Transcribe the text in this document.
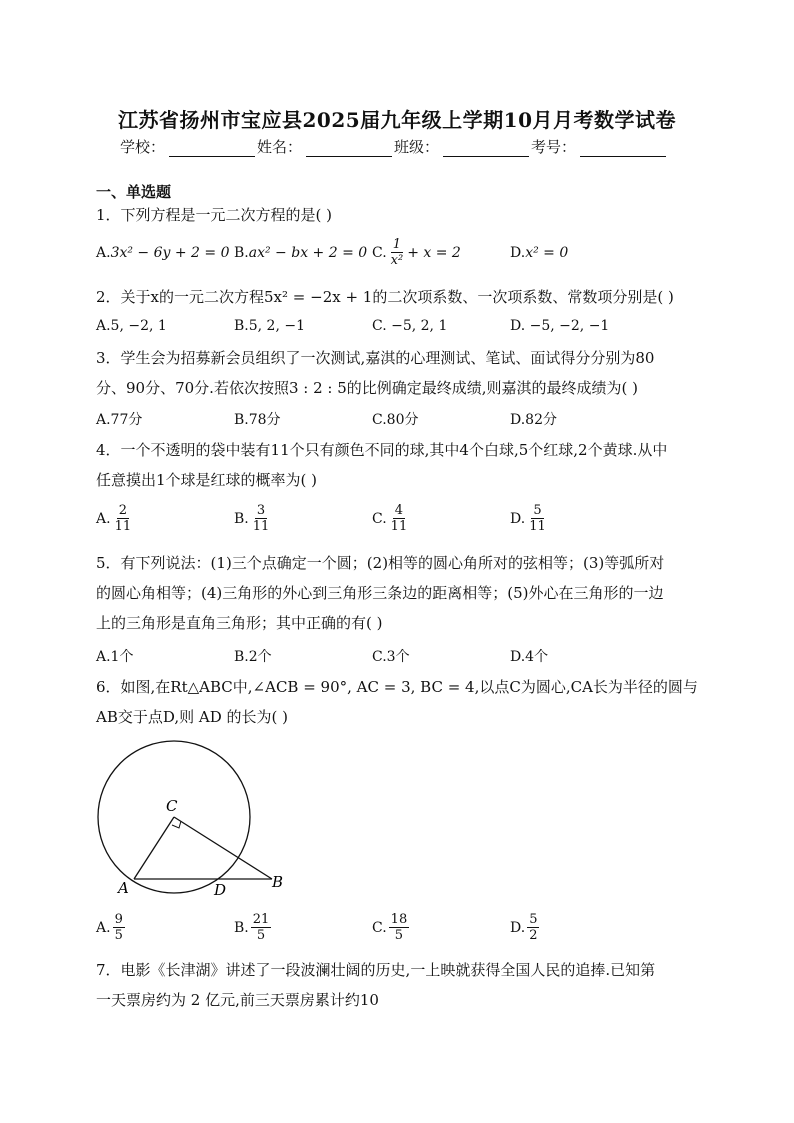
江苏省扬州市宝应县2025届九年级上学期10月月考数学试卷
学校：	姓名：	班级：	考号：
一、单选题
1．下列方程是一元二次方程的是( )
A.3x² − 6y + 2 = 0 B.ax² − bx + 2 = 0 C. $\frac{1}{\text{x²}} + x = 2$	D.x² = 0
2．关于x的一元二次方程5x² = −2x + 1的二次项系数、一次项系数、常数项分别是( )
A.5, −2, 1	B.5, 2, −1	C. −5, 2, 1	D. −5, −2, −1
3．学生会为招募新会员组织了一次测试,嘉淇的心理测试、笔试、面试得分分别为80
分、90分、70分.若依次按照3 : 2 : 5的比例确定最终成绩,则嘉淇的最终成绩为( )
A.77分	B.78分	C.80分	D.82分
4．一个不透明的袋中装有11个只有颜色不同的球,其中4个白球,5个红球,2个黄球.从中
任意摸出1个球是红球的概率为( )
A. $\frac{2}{11}$	B. $\frac{3}{11}$	C. $\frac{4}{11}$	D. $\frac{5}{11}$
5．有下列说法：(1)三个点确定一个圆；(2)相等的圆心角所对的弦相等；(3)等弧所对
的圆心角相等；(4)三角形的外心到三角形三条边的距离相等；(5)外心在三角形的一边
上的三角形是直角三角形；其中正确的有( )
A.1个	B.2个	C.3个	D.4个
6．如图,在Rt△ABC中,∠ACB = 90°, AC = 3, BC = 4,以点C为圆心,CA长为半径的圆与
AB交于点D,则 AD 的长为( )
C
A	D	B
A. $\frac{9}{5}$	B. $\frac{21}{5}$	C. $\frac{18}{5}$	D. $\frac{5}{2}$
7．电影《长津湖》讲述了一段波澜壮阔的历史,一上映就获得全国人民的追捧.已知第
一天票房约为 2 亿元,前三天票房累计约10
